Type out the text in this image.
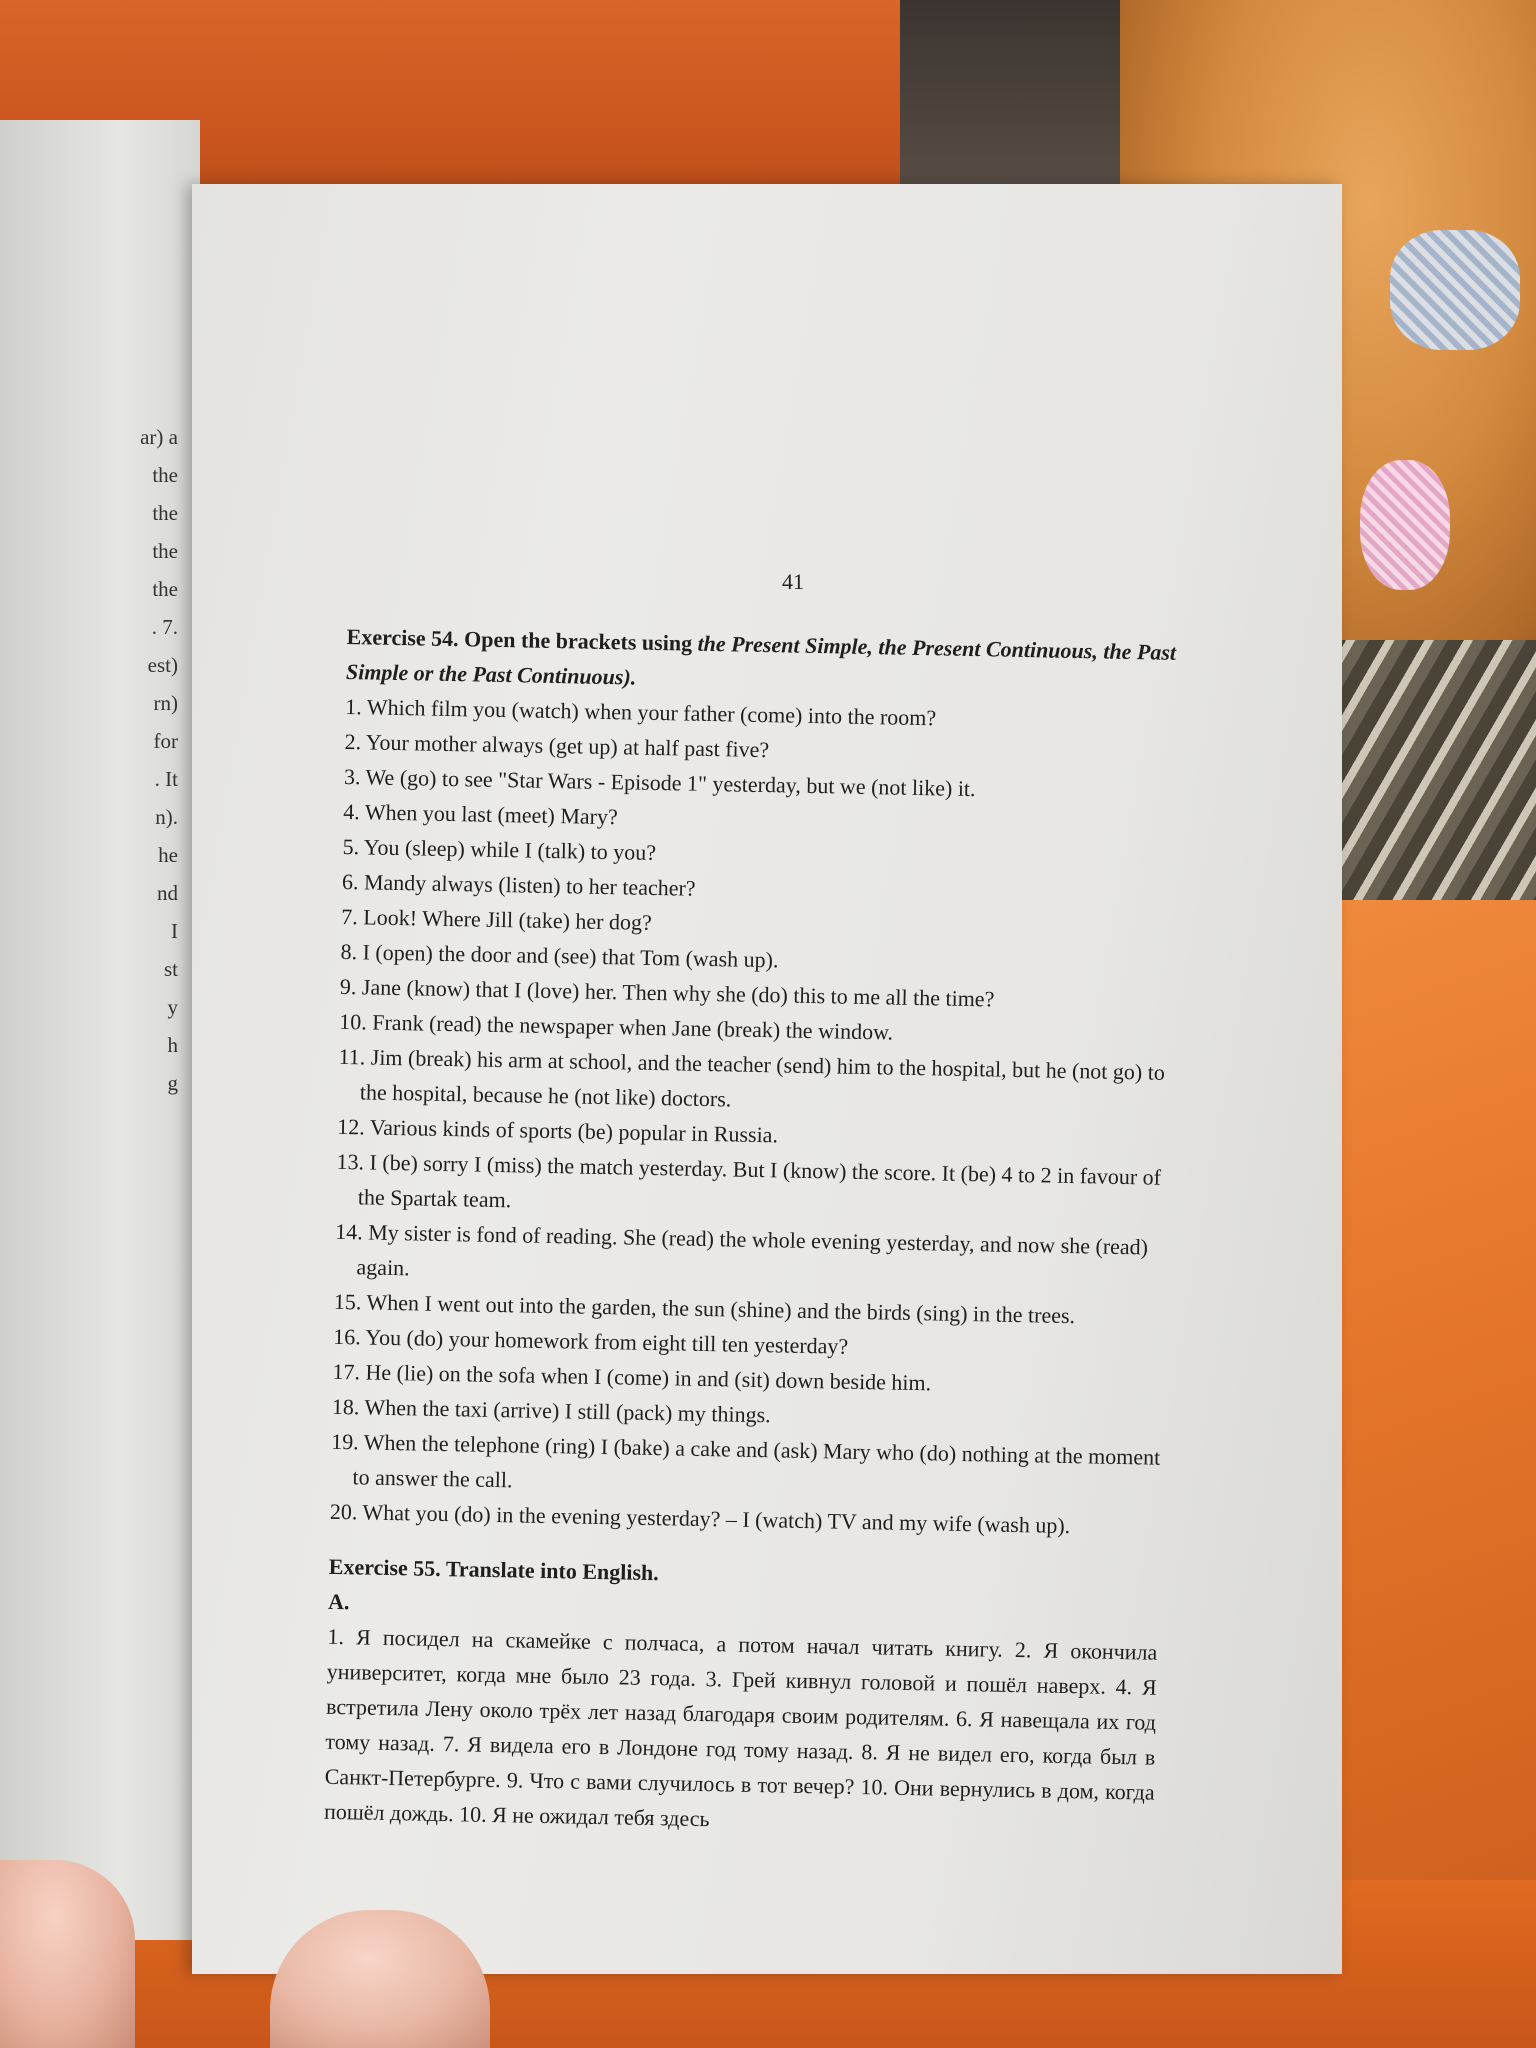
ar) a
the
the
the
the
. 7.
est)
rn)
for
. It
n).
he
nd
I
st
y
h
g
41

Exercise 54. Open the brackets using the Present Simple, the Present Continuous, the Past Simple or the Past Continuous).

1. Which film you (watch) when your father (come) into the room?
2. Your mother always (get up) at half past five?
3. We (go) to see "Star Wars - Episode 1" yesterday, but we (not like) it.
4. When you last (meet) Mary?
5. You (sleep) while I (talk) to you?
6. Mandy always (listen) to her teacher?
7. Look! Where Jill (take) her dog?
8. I (open) the door and (see) that Tom (wash up).
9. Jane (know) that I (love) her. Then why she (do) this to me all the time?
10. Frank (read) the newspaper when Jane (break) the window.
11. Jim (break) his arm at school, and the teacher (send) him to the hospital, but he (not go) to the hospital, because he (not like) doctors.
12. Various kinds of sports (be) popular in Russia.
13. I (be) sorry I (miss) the match yesterday. But I (know) the score. It (be) 4 to 2 in favour of the Spartak team.
14. My sister is fond of reading. She (read) the whole evening yesterday, and now she (read) again.
15. When I went out into the garden, the sun (shine) and the birds (sing) in the trees.
16. You (do) your homework from eight till ten yesterday?
17. He (lie) on the sofa when I (come) in and (sit) down beside him.
18. When the taxi (arrive) I still (pack) my things.
19. When the telephone (ring) I (bake) a cake and (ask) Mary who (do) nothing at the moment to answer the call.
20. What you (do) in the evening yesterday? – I (watch) TV and my wife (wash up).
Exercise 55. Translate into English.
A.

1. Я посидел на скамейке с полчаса, а потом начал читать книгу. 2. Я окончила университет, когда мне было 23 года. 3. Грей кивнул головой и пошёл наверх. 4. Я встретила Лену около трёх лет назад благодаря своим родителям. 6. Я навещала их год тому назад. 7. Я видела его в Лондоне год тому назад. 8. Я не видел его, когда был в Санкт-Петербурге. 9. Что с вами случилось в тот вечер? 10. Они вернулись в дом, когда пошёл дождь. 10. Я не ожидал тебя здесь
